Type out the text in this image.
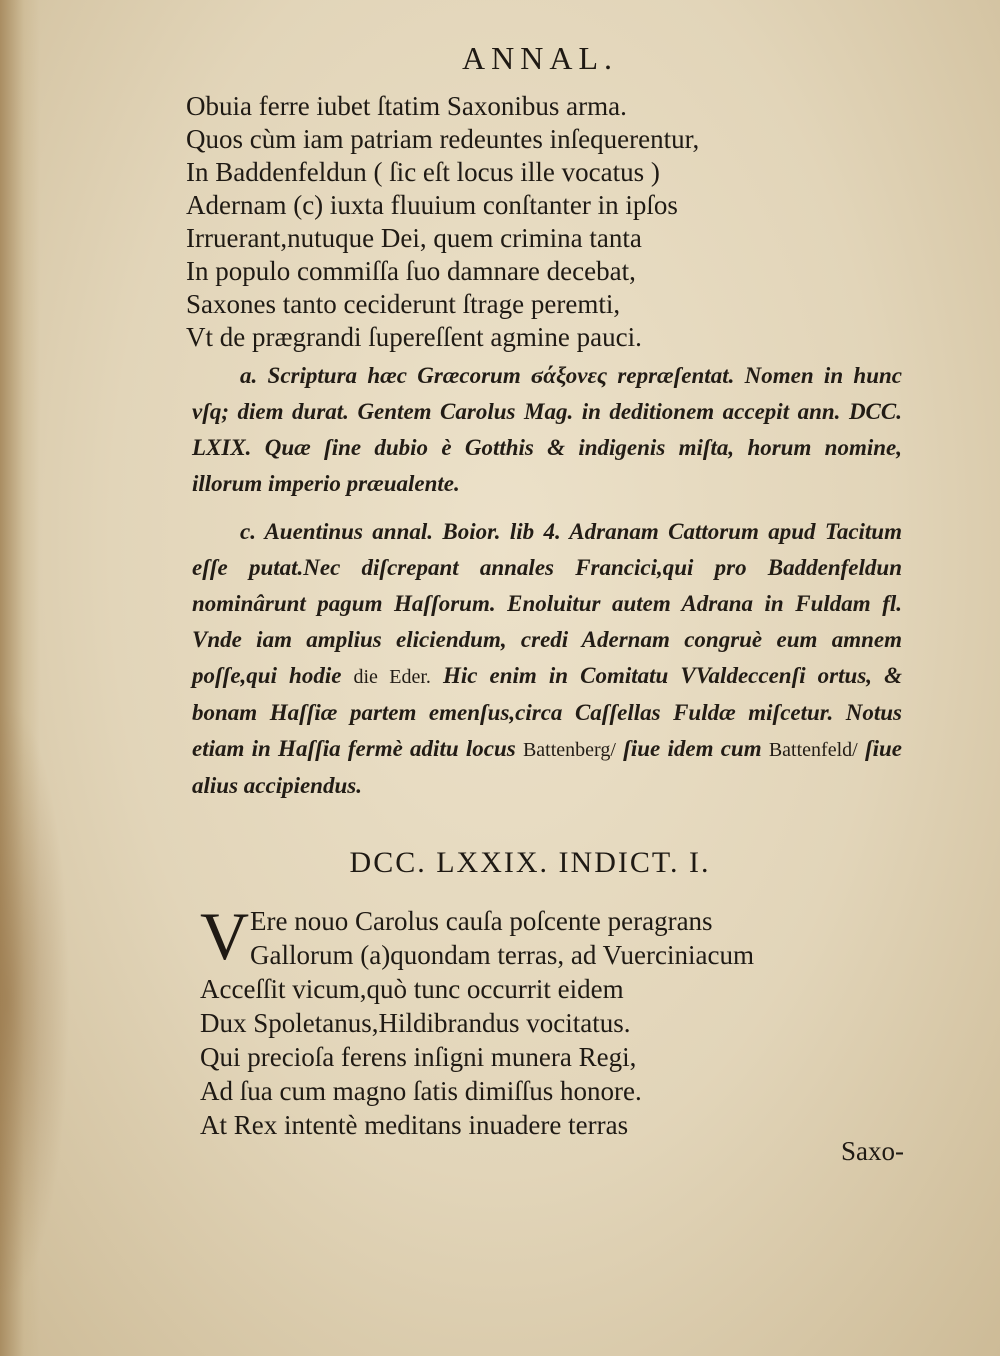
ANNAL.
Obuia ferre iubet ſtatim Saxonibus arma.
Quos cùm iam patriam redeuntes inſequerentur,
In Baddenfeldun ( ſic eſt locus ille vocatus )
Adernam (c) iuxta fluuium conſtanter in ipſos
Irruerant,nutuque Dei, quem crimina tanta
In populo commiſſa ſuo damnare decebat,
Saxones tanto ceciderunt ſtrage peremti,
Vt de prægrandi ſupereſſent agmine pauci.

a. Scriptura hæc Græcorum ϭάξονες repræſentat. Nomen in hunc vſq; diem durat. Gentem Carolus Mag. in deditionem accepit ann. DCC. LXIX. Quæ ſine dubio è Gotthis & indigenis miſta, horum nomine, illorum imperio præualente.

c. Auentinus annal. Boior. lib 4. Adranam Cattorum apud Tacitum eſſe putat.Nec diſcrepant annales Francici,qui pro Baddenfeldun nominârunt pagum Haſſorum. Enoluitur autem Adrana in Fuldam fl. Vnde iam amplius eliciendum, credi Adernam congruè eum amnem poſſe,qui hodie die Eder. Hic enim in Comitatu VValdeccenſi ortus, & bonam Haſſiæ partem emenſus,circa Caſſellas Fuldæ miſcetur. Notus etiam in Haſſia fermè aditu locus Battenberg/ ſiue idem cum Battenfeld/ ſiue alius accipiendus.

DCC. LXXIX. INDICT. I.
V Ere nouo Carolus cauſa poſcente peragrans
Gallorum (a)quondam terras, ad Vuerciniacum
Acceſſit vicum,quò tunc occurrit eidem
Dux Spoletanus,Hildibrandus vocitatus.
Qui precioſa ferens inſigni munera Regi,
Ad ſua cum magno ſatis dimiſſus honore.
At Rex intentè meditans inuadere terras
Saxo-
